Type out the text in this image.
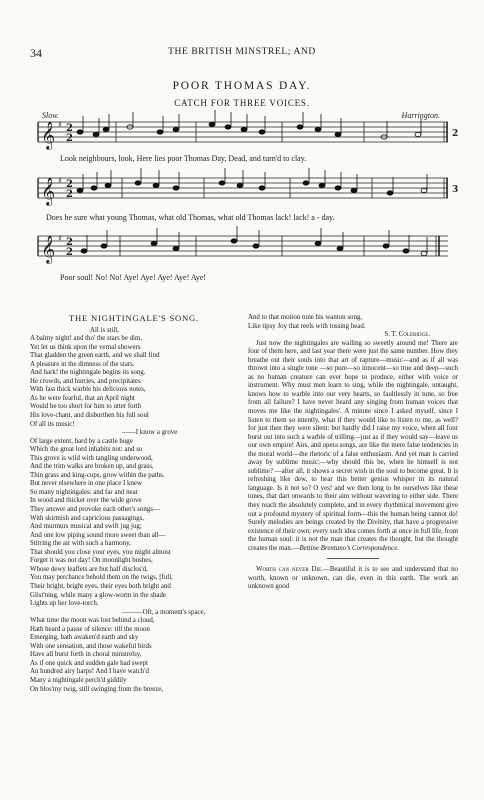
34	THE BRITISH MINSTREL; AND
POOR THOMAS DAY.
CATCH FOR THREE VOICES.
Slow.	Harrington.
𝄞
𝄞
𝄞
♯
♯
♯
2
2
2
2
2
2
2
3
Look neighbours, look, Here lies poor Thomas Day, Dead, and turn'd to clay.
Does he sure what young Thomas, what old Thomas, what old Thomas lack! lack! a - day.
Poor soul! No! No! Aye! Aye! Aye! Aye! Aye!

THE NIGHTINGALE'S SONG.

All is still,

A balmy night! and tho' the stars be dim,

Yet let us think upon the vernal showers

That gladden the green earth, and we shall find

A pleasure in the dimness of the stars.

And hark! the nightingale begins its song.

He crowds, and hurries, and precipitates

With fast thick warble his delicious notes,

As he were fearful, that an April night

Would be too short for him to utter forth

His love-chant, and disburthen his full soul

Of all its music!

——I know a grove

Of large extent, hard by a castle huge

Which the great lord inhabits not: and so

This grove is wild with tangling underwood,

And the trim walks are broken up, and grass,

Thin grass and king-cups, grow within the paths.

But never elsewhere in one place I knew

So many nightingales: and far and near

In wood and thicket over the wide grove

They answer and provoke each other's songs—

With skirmish and capricious passagings,

And murmurs musical and swift jug jug;

And one low piping sound more sweet than all—

Stirring the air with such a harmony,

That should you close your eyes, you might almost

Forget it was not day! On moonlight bushes,

Whose dewy leaflets are but half disclos'd,

You may perchance behold them on the twigs, [full,

Their bright, bright eyes, their eyes both bright and

Glist'ning, while many a glow-worm in the shade

Lights up her love-torch.

———Oft, a moment's space,

What time the moon was lost behind a cloud,

Hath heard a pause of silence: till the moon

Emerging, hath awaken'd earth and sky

With one sensation, and those wakeful birds

Have all burst forth in choral minstrelsy,

As if one quick and sudden gale had swept

An hundred airy harps! And I have watch'd

Many a nightingale perch'd giddily

On blos'my twig, still swinging from the breeze,

And to that motion tune his wanton song,

Like tipsy Joy that reels with tossing head.

S. T. Coleridge.

Just now the nightingales are wailing so sweetly around me! There are four of them here, and last year there were just the same number. How they breathe out their souls into that art of rapture—music—and as if all was thrown into a single tone —so pure—so innocent—so true and deep—such as no human creature can ever hope to produce, either with voice or instrument. Why must men learn to sing, while the nightingale, untaught, knows how to warble into our very hearts, so faultlessly in tune, so free from all failure? I have never heard any singing from human voices that moves me like the nightingales'. A minute since I asked myself, since I listen to them so intently, what if they would like to listen to me, as well? for just then they were silent: but hardly did I raise my voice, when all four burst out into such a warble of trilling—just as if they would say—leave us our own empire! Airs, and opera songs, are like the mere false tendencies in the moral world—the rhetoric of a false enthusiasm. And yet man is carried away by sublime music;—why should this be, when he himself is not sublime? —after all, it shows a secret wish in the soul to become great. It is refreshing like dew, to hear this better genius whisper in its natural language. Is it not so? O yes! and we then long to be ourselves like these tones, that dart onwards to their aim without wavering to either side. There they reach the absolutely complete, and in every rhythmical movement give out a profound mystery of spiritual form—this the human being cannot do! Surely melodies are beings created by the Divinity, that have a progressive existence of their own; every such idea comes forth at once in full life, from the human soul: it is not the man that creates the thought, but the thought creates the man.—Bettine Brentano's Correspondence.

Worth can never Die.—Beautiful it is to see and understand that no worth, known or unknown, can die, even in this earth. The work an unknown good
